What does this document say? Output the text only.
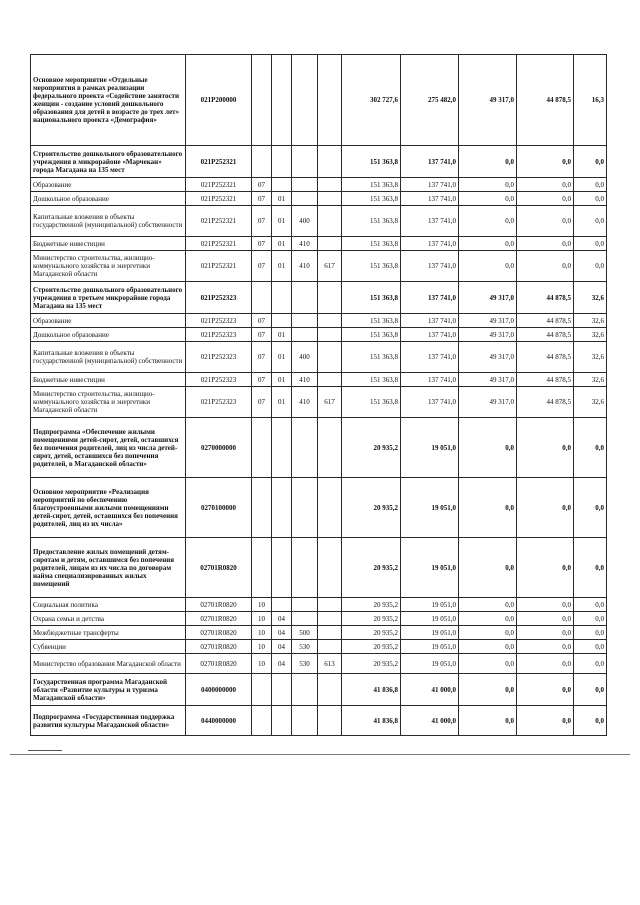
Основное мероприятие «Отдельные мероприятия в рамках реализации федерального проекта «Содействие занятости женщин - создание условий дошкольного образования для детей в возрасте до трех лет» национального проекта «Демография»	021P200000					302 727,6	275 482,0	49 317,0	44 878,5	16,3
Строительство дошкольного образовательного учреждения в микрорайоне «Марчекан» города Магадана на 135 мест	021P252321					151 363,8	137 741,0	0,0	0,0	0,0
Образование	021P252321	07				151 363,8	137 741,0	0,0	0,0	0,0
Дошкольное образование	021P252321	07	01			151 363,8	137 741,0	0,0	0,0	0,0
Капитальные вложения в объекты государственной (муниципальной) собственности	021P252321	07	01	400		151 363,8	137 741,0	0,0	0,0	0,0
Бюджетные инвестиции	021P252321	07	01	410		151 363,8	137 741,0	0,0	0,0	0,0
Министерство строительства, жилищно-коммунального хозяйства и энергетики Магаданской области	021P252321	07	01	410	617	151 363,8	137 741,0	0,0	0,0	0,0
Строительство дошкольного образовательного учреждения в третьем микрорайоне города Магадана на 135 мест	021P252323					151 363,8	137 741,0	49 317,0	44 878,5	32,6
Образование	021P252323	07				151 363,8	137 741,0	49 317,0	44 878,5	32,6
Дошкольное образование	021P252323	07	01			151 363,8	137 741,0	49 317,0	44 878,5	32,6
Капитальные вложения в объекты государственной (муниципальной) собственности	021P252323	07	01	400		151 363,8	137 741,0	49 317,0	44 878,5	32,6
Бюджетные инвестиции	021P252323	07	01	410		151 363,8	137 741,0	49 317,0	44 878,5	32,6
Министерство строительства, жилищно-коммунального хозяйства и энергетики Магаданской области	021P252323	07	01	410	617	151 363,8	137 741,0	49 317,0	44 878,5	32,6
Подпрограмма «Обеспечение жилыми помещениями детей-сирот, детей, оставшихся без попечения родителей, лиц из числа детей-сирот, детей, оставшихся без попечения родителей, в Магаданской области»	0270000000					20 935,2	19 051,0	0,0	0,0	0,0
Основное мероприятие «Реализация мероприятий по обеспечению благоустроенными жилыми помещениями детей-сирот, детей, оставшихся без попечения родителей, лиц из их числа»	0270100000					20 935,2	19 051,0	0,0	0,0	0,0
Предоставление жилых помещений детям-сиротам и детям, оставшимся без попечения родителей, лицам из их числа по договорам найма специализированных жилых помещений	02701R0820					20 935,2	19 051,0	0,0	0,0	0,0
Социальная политика	02701R0820	10				20 935,2	19 051,0	0,0	0,0	0,0
Охрана семьи и детства	02701R0820	10	04			20 935,2	19 051,0	0,0	0,0	0,0
Межбюджетные трансферты	02701R0820	10	04	500		20 935,2	19 051,0	0,0	0,0	0,0
Субвенции	02701R0820	10	04	530		20 935,2	19 051,0	0,0	0,0	0,0
Министерство образования Магаданской области	02701R0820	10	04	530	613	20 935,2	19 051,0	0,0	0,0	0,0
Государственная программа Магаданской области «Развитие культуры и туризма Магаданской области»	0400000000					41 836,8	41 000,0	0,0	0,0	0,0
Подпрограмма «Государственная поддержка развития культуры Магаданской области»	0440000000					41 836,8	41 000,0	0,0	0,0	0,0
